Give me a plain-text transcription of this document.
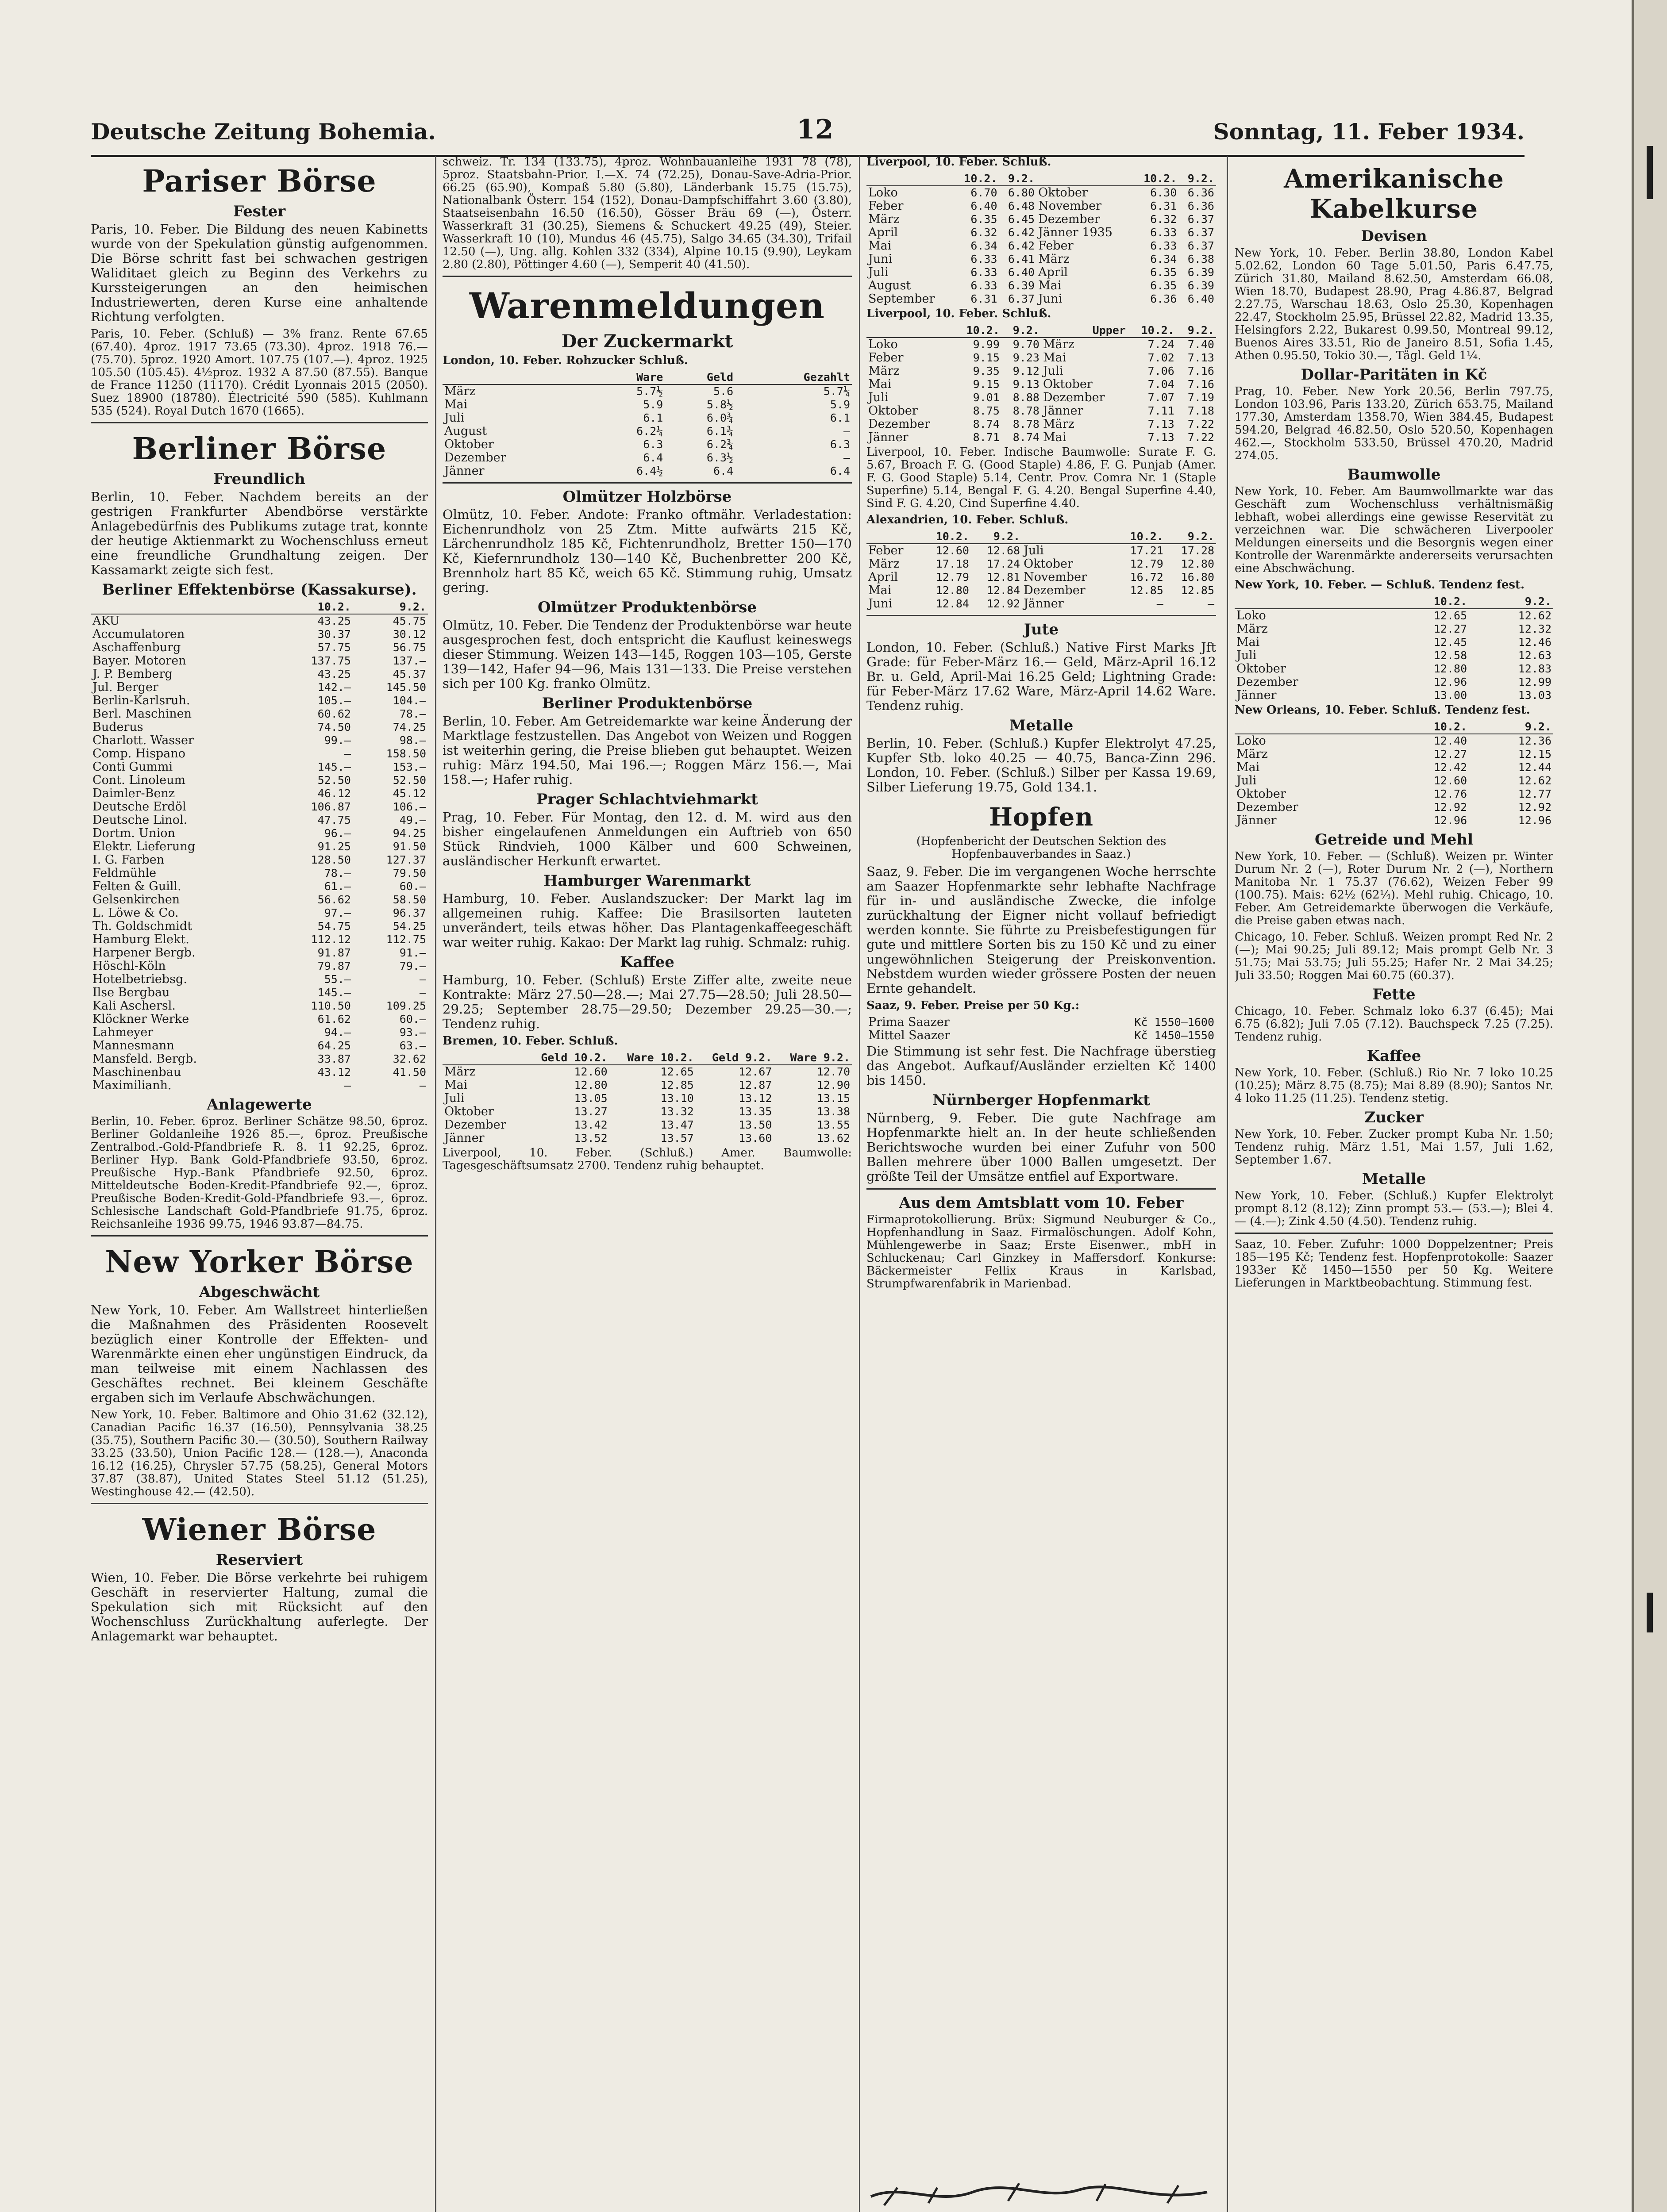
Deutsche Zeitung Bohemia.	12	Sonntag, 11. Feber 1934.
Pariser Börse
Fester

Paris, 10. Feber. Die Bildung des neuen Kabinetts wurde von der Spekulation günstig aufgenommen. Die Börse schritt fast bei schwachen gestrigen Waliditaet gleich zu Beginn des Verkehrs zu Kurssteigerungen an den heimischen Industriewerten, deren Kurse eine anhaltende Richtung verfolgten.

Paris, 10. Feber. (Schluß) — 3% franz. Rente 67.65 (67.40). 4proz. 1917 73.65 (73.30). 4proz. 1918 76.— (75.70). 5proz. 1920 Amort. 107.75 (107.—). 4proz. 1925 105.50 (105.45). 4½proz. 1932 A 87.50 (87.55). Banque de France 11250 (11170). Crédit Lyonnais 2015 (2050). Suez 18900 (18780). Électricité 590 (585). Kuhlmann 535 (524). Royal Dutch 1670 (1665).

Berliner Börse
Freundlich

Berlin, 10. Feber. Nachdem bereits an der gestrigen Frankfurter Abendbörse verstärkte Anlagebedürfnis des Publikums zutage trat, konnte der heutige Aktienmarkt zu Wochenschluss erneut eine freundliche Grundhaltung zeigen. Der Kassamarkt zeigte sich fest.

Berliner Effektenbörse (Kassakurse).
	10.2.	9.2.
AKU	43.25	45.75
Accumulatoren	30.37	30.12
Aschaffenburg	57.75	56.75
Bayer. Motoren	137.75	137.—
J. P. Bemberg	43.25	45.37
Jul. Berger	142.—	145.50
Berlin-Karlsruh.	105.—	104.—
Berl. Maschinen	60.62	78.—
Buderus	74.50	74.25
Charlott. Wasser	99.—	98.—
Comp. Hispano	—	158.50
Conti Gummi	145.—	153.—
Cont. Linoleum	52.50	52.50
Daimler-Benz	46.12	45.12
Deutsche Erdöl	106.87	106.—
Deutsche Linol.	47.75	49.—
Dortm. Union	96.—	94.25
Elektr. Lieferung	91.25	91.50
I. G. Farben	128.50	127.37
Feldmühle	78.—	79.50
Felten & Guill.	61.—	60.—
Gelsenkirchen	56.62	58.50
L. Löwe & Co.	97.—	96.37
Th. Goldschmidt	54.75	54.25
Hamburg Elekt.	112.12	112.75
Harpener Bergb.	91.87	91.—
Höschl-Köln	79.87	79.—
Hotelbetriebsg.	55.—	—
Ilse Bergbau	145.—	—
Kali Aschersl.	110.50	109.25
Klöckner Werke	61.62	60.—
Lahmeyer	94.—	93.—
Mannesmann	64.25	63.—
Mansfeld. Bergb.	33.87	32.62
Maschinenbau	43.12	41.50
Maximilianh.	—	—
Anlagewerte

Berlin, 10. Feber. 6proz. Berliner Schätze 98.50, 6proz. Berliner Goldanleihe 1926 85.—, 6proz. Preußische Zentralbod.-Gold-Pfandbriefe R. 8. 11 92.25, 6proz. Berliner Hyp. Bank Gold-Pfandbriefe 93.50, 6proz. Preußische Hyp.-Bank Pfandbriefe 92.50, 6proz. Mitteldeutsche Boden-Kredit-Pfandbriefe 92.—, 6proz. Preußische Boden-Kredit-Gold-Pfandbriefe 93.—, 6proz. Schlesische Landschaft Gold-Pfandbriefe 91.75, 6proz. Reichsanleihe 1936 99.75, 1946 93.87—84.75.

New Yorker Börse
Abgeschwächt

New York, 10. Feber. Am Wallstreet hinterließen die Maßnahmen des Präsidenten Roosevelt bezüglich einer Kontrolle der Effekten- und Warenmärkte einen eher ungünstigen Eindruck, da man teilweise mit einem Nachlassen des Geschäftes rechnet. Bei kleinem Geschäfte ergaben sich im Verlaufe Abschwächungen.

New York, 10. Feber. Baltimore and Ohio 31.62 (32.12), Canadian Pacific 16.37 (16.50), Pennsylvania 38.25 (35.75), Southern Pacific 30.— (30.50), Southern Railway 33.25 (33.50), Union Pacific 128.— (128.—), Anaconda 16.12 (16.25), Chrysler 57.75 (58.25), General Motors 37.87 (38.87), United States Steel 51.12 (51.25), Westinghouse 42.— (42.50).

Wiener Börse
Reserviert

Wien, 10. Feber. Die Börse verkehrte bei ruhigem Geschäft in reservierter Haltung, zumal die Spekulation sich mit Rücksicht auf den Wochenschluss Zurückhaltung auferlegte. Der Anlagemarkt war behauptet.

schweiz. Tr. 134 (133.75), 4proz. Wohnbauanleihe 1931 78 (78), 5proz. Staatsbahn-Prior. I.—X. 74 (72.25), Donau-Save-Adria-Prior. 66.25 (65.90), Kompaß 5.80 (5.80), Länderbank 15.75 (15.75), Nationalbank Österr. 154 (152), Donau-Dampfschiffahrt 3.60 (3.80), Staatseisenbahn 16.50 (16.50), Gösser Bräu 69 (—), Österr. Wasserkraft 31 (30.25), Siemens & Schuckert 49.25 (49), Steier. Wasserkraft 10 (10), Mundus 46 (45.75), Salgo 34.65 (34.30), Trifail 12.50 (—), Ung. allg. Kohlen 332 (334), Alpine 10.15 (9.90), Leykam 2.80 (2.80), Pöttinger 4.60 (—), Semperit 40 (41.50).

Warenmeldungen
Der Zuckermarkt
London, 10. Feber. Rohzucker Schluß.
	Ware	Geld	Gezahlt
März	5.7½	5.6	5.7¼
Mai	5.9	5.8½	5.9
Juli	6.1	6.0¾	6.1
August	6.2¼	6.1¾	—
Oktober	6.3	6.2¾	6.3
Dezember	6.4	6.3½	—
Jänner	6.4½	6.4	6.4
Olmützer Holzbörse

Olmütz, 10. Feber. Andote: Franko oftmähr. Verladestation: Eichenrundholz von 25 Ztm. Mitte aufwärts 215 Kč, Lärchenrundholz 185 Kč, Fichtenrundholz, Bretter 150—170 Kč, Kiefernrundholz 130—140 Kč, Buchenbretter 200 Kč, Brennholz hart 85 Kč, weich 65 Kč. Stimmung ruhig, Umsatz gering.

Olmützer Produktenbörse

Olmütz, 10. Feber. Die Tendenz der Produktenbörse war heute ausgesprochen fest, doch entspricht die Kauflust keineswegs dieser Stimmung. Weizen 143—145, Roggen 103—105, Gerste 139—142, Hafer 94—96, Mais 131—133. Die Preise verstehen sich per 100 Kg. franko Olmütz.

Berliner Produktenbörse

Berlin, 10. Feber. Am Getreidemarkte war keine Änderung der Marktlage festzustellen. Das Angebot von Weizen und Roggen ist weiterhin gering, die Preise blieben gut behauptet. Weizen ruhig: März 194.50, Mai 196.—; Roggen März 156.—, Mai 158.—; Hafer ruhig.

Prager Schlachtviehmarkt

Prag, 10. Feber. Für Montag, den 12. d. M. wird aus den bisher eingelaufenen Anmeldungen ein Auftrieb von 650 Stück Rindvieh, 1000 Kälber und 600 Schweinen, ausländischer Herkunft erwartet.

Hamburger Warenmarkt

Hamburg, 10. Feber. Auslandszucker: Der Markt lag im allgemeinen ruhig. Kaffee: Die Brasilsorten lauteten unverändert, teils etwas höher. Das Plantagenkaffeegeschäft war weiter ruhig. Kakao: Der Markt lag ruhig. Schmalz: ruhig.

Kaffee

Hamburg, 10. Feber. (Schluß) Erste Ziffer alte, zweite neue Kontrakte: März 27.50—28.—; Mai 27.75—28.50; Juli 28.50—29.25; September 28.75—29.50; Dezember 29.25—30.—; Tendenz ruhig.

Bremen, 10. Feber. Schluß.
	Geld 10.2.	Ware 10.2.	Geld 9.2.	Ware 9.2.
März	12.60	12.65	12.67	12.70
Mai	12.80	12.85	12.87	12.90
Juli	13.05	13.10	13.12	13.15
Oktober	13.27	13.32	13.35	13.38
Dezember	13.42	13.47	13.50	13.55
Jänner	13.52	13.57	13.60	13.62

Liverpool, 10. Feber. (Schluß.) Amer. Baumwolle: Tagesgeschäftsumsatz 2700. Tendenz ruhig behauptet.

Liverpool, 10. Feber. Schluß.
	10.2.	9.2.		10.2.	9.2.
Loko	6.70	6.80	Oktober	6.30	6.36
Feber	6.40	6.48	November	6.31	6.36
März	6.35	6.45	Dezember	6.32	6.37
April	6.32	6.42	Jänner 1935	6.33	6.37
Mai	6.34	6.42	Feber	6.33	6.37
Juni	6.33	6.41	März	6.34	6.38
Juli	6.33	6.40	April	6.35	6.39
August	6.33	6.39	Mai	6.35	6.39
September	6.31	6.37	Juni	6.36	6.40
Liverpool, 10. Feber. Schluß.
	10.2.	9.2.	Upper	10.2.	9.2.
Loko	9.99	9.70	März	7.24	7.40
Feber	9.15	9.23	Mai	7.02	7.13
März	9.35	9.12	Juli	7.06	7.16
Mai	9.15	9.13	Oktober	7.04	7.16
Juli	9.01	8.88	Dezember	7.07	7.19
Oktober	8.75	8.78	Jänner	7.11	7.18
Dezember	8.74	8.78	März	7.13	7.22
Jänner	8.71	8.74	Mai	7.13	7.22

Liverpool, 10. Feber. Indische Baumwolle: Surate F. G. 5.67, Broach F. G. (Good Staple) 4.86, F. G. Punjab (Amer. F. G. Good Staple) 5.14, Centr. Prov. Comra Nr. 1 (Staple Superfine) 5.14, Bengal F. G. 4.20. Bengal Superfine 4.40, Sind F. G. 4.20, Cind Superfine 4.40.

Alexandrien, 10. Feber. Schluß.
	10.2.	9.2.		10.2.	9.2.
Feber	12.60	12.68	Juli	17.21	17.28
März	17.18	17.24	Oktober	12.79	12.80
April	12.79	12.81	November	16.72	16.80
Mai	12.80	12.84	Dezember	12.85	12.85
Juni	12.84	12.92	Jänner	—	—
Jute

London, 10. Feber. (Schluß.) Native First Marks Jft Grade: für Feber-März 16.— Geld, März-April 16.12 Br. u. Geld, April-Mai 16.25 Geld; Lightning Grade: für Feber-März 17.62 Ware, März-April 14.62 Ware. Tendenz ruhig.

Metalle

Berlin, 10. Feber. (Schluß.) Kupfer Elektrolyt 47.25, Kupfer Stb. loko 40.25 — 40.75, Banca-Zinn 296. London, 10. Feber. (Schluß.) Silber per Kassa 19.69, Silber Lieferung 19.75, Gold 134.1.

Hopfen
(Hopfenbericht der Deutschen Sektion des Hopfenbauverbandes in Saaz.)

Saaz, 9. Feber. Die im vergangenen Woche herrschte am Saazer Hopfenmarkte sehr lebhafte Nachfrage für in- und ausländische Zwecke, die infolge zurückhaltung der Eigner nicht vollauf befriedigt werden konnte. Sie führte zu Preisbefestigungen für gute und mittlere Sorten bis zu 150 Kč und zu einer ungewöhnlichen Steigerung der Preiskonvention. Nebstdem wurden wieder grössere Posten der neuen Ernte gehandelt.

Saaz, 9. Feber. Preise per 50 Kg.:
Prima Saazer	Kč 1550—1600
Mittel Saazer	Kč 1450—1550

Die Stimmung ist sehr fest. Die Nachfrage überstieg das Angebot. Aufkauf/Ausländer erzielten Kč 1400 bis 1450.

Nürnberger Hopfenmarkt

Nürnberg, 9. Feber. Die gute Nachfrage am Hopfenmarkte hielt an. In der heute schließenden Berichtswoche wurden bei einer Zufuhr von 500 Ballen mehrere über 1000 Ballen umgesetzt. Der größte Teil der Umsätze entfiel auf Exportware.

Aus dem Amtsblatt vom 10. Feber

Firmaprotokollierung. Brüx: Sigmund Neuburger & Co., Hopfenhandlung in Saaz. Firmalöschungen. Adolf Kohn, Mühlengewerbe in Saaz; Erste Eisenwer., mbH in Schluckenau; Carl Ginzkey in Maffersdorf. Konkurse: Bäckermeister Fellix Kraus in Karlsbad, Strumpfwarenfabrik in Marienbad.

Amerikanische Kabelkurse
Devisen

New York, 10. Feber. Berlin 38.80, London Kabel 5.02.62, London 60 Tage 5.01.50, Paris 6.47.75, Zürich 31.80, Mailand 8.62.50, Amsterdam 66.08, Wien 18.70, Budapest 28.90, Prag 4.86.87, Belgrad 2.27.75, Warschau 18.63, Oslo 25.30, Kopenhagen 22.47, Stockholm 25.95, Brüssel 22.82, Madrid 13.35, Helsingfors 2.22, Bukarest 0.99.50, Montreal 99.12, Buenos Aires 33.51, Rio de Janeiro 8.51, Sofia 1.45, Athen 0.95.50, Tokio 30.—, Tägl. Geld 1¼.

Dollar-Paritäten in Kč

Prag, 10. Feber. New York 20.56, Berlin 797.75, London 103.96, Paris 133.20, Zürich 653.75, Mailand 177.30, Amsterdam 1358.70, Wien 384.45, Budapest 594.20, Belgrad 46.82.50, Oslo 520.50, Kopenhagen 462.—, Stockholm 533.50, Brüssel 470.20, Madrid 274.05.

Baumwolle

New York, 10. Feber. Am Baumwollmarkte war das Geschäft zum Wochenschluss verhältnismäßig lebhaft, wobei allerdings eine gewisse Reservität zu verzeichnen war. Die schwächeren Liverpooler Meldungen einerseits und die Besorgnis wegen einer Kontrolle der Warenmärkte andererseits verursachten eine Abschwächung.

New York, 10. Feber. — Schluß. Tendenz fest.
	10.2.	9.2.
Loko	12.65	12.62
März	12.27	12.32
Mai	12.45	12.46
Juli	12.58	12.63
Oktober	12.80	12.83
Dezember	12.96	12.99
Jänner	13.00	13.03
New Orleans, 10. Feber. Schluß. Tendenz fest.
	10.2.	9.2.
Loko	12.40	12.36
März	12.27	12.15
Mai	12.42	12.44
Juli	12.60	12.62
Oktober	12.76	12.77
Dezember	12.92	12.92
Jänner	12.96	12.96
Getreide und Mehl

New York, 10. Feber. — (Schluß). Weizen pr. Winter Durum Nr. 2 (—), Roter Durum Nr. 2 (—), Northern Manitoba Nr. 1 75.37 (76.62), Weizen Feber 99 (100.75). Mais: 62½ (62¼). Mehl ruhig. Chicago, 10. Feber. Am Getreidemarkte überwogen die Verkäufe, die Preise gaben etwas nach.

Chicago, 10. Feber. Schluß. Weizen prompt Red Nr. 2 (—); Mai 90.25; Juli 89.12; Mais prompt Gelb Nr. 3 51.75; Mai 53.75; Juli 55.25; Hafer Nr. 2 Mai 34.25; Juli 33.50; Roggen Mai 60.75 (60.37).

Fette

Chicago, 10. Feber. Schmalz loko 6.37 (6.45); Mai 6.75 (6.82); Juli 7.05 (7.12). Bauchspeck 7.25 (7.25). Tendenz ruhig.

Kaffee

New York, 10. Feber. (Schluß.) Rio Nr. 7 loko 10.25 (10.25); März 8.75 (8.75); Mai 8.89 (8.90); Santos Nr. 4 loko 11.25 (11.25). Tendenz stetig.

Zucker

New York, 10. Feber. Zucker prompt Kuba Nr. 1.50; Tendenz ruhig. März 1.51, Mai 1.57, Juli 1.62, September 1.67.

Metalle

New York, 10. Feber. (Schluß.) Kupfer Elektrolyt prompt 8.12 (8.12); Zinn prompt 53.— (53.—); Blei 4.— (4.—); Zink 4.50 (4.50). Tendenz ruhig.

Saaz, 10. Feber. Zufuhr: 1000 Doppelzentner; Preis 185—195 Kč; Tendenz fest. Hopfenprotokolle: Saazer 1933er Kč 1450—1550 per 50 Kg. Weitere Lieferungen in Marktbeobachtung. Stimmung fest.
